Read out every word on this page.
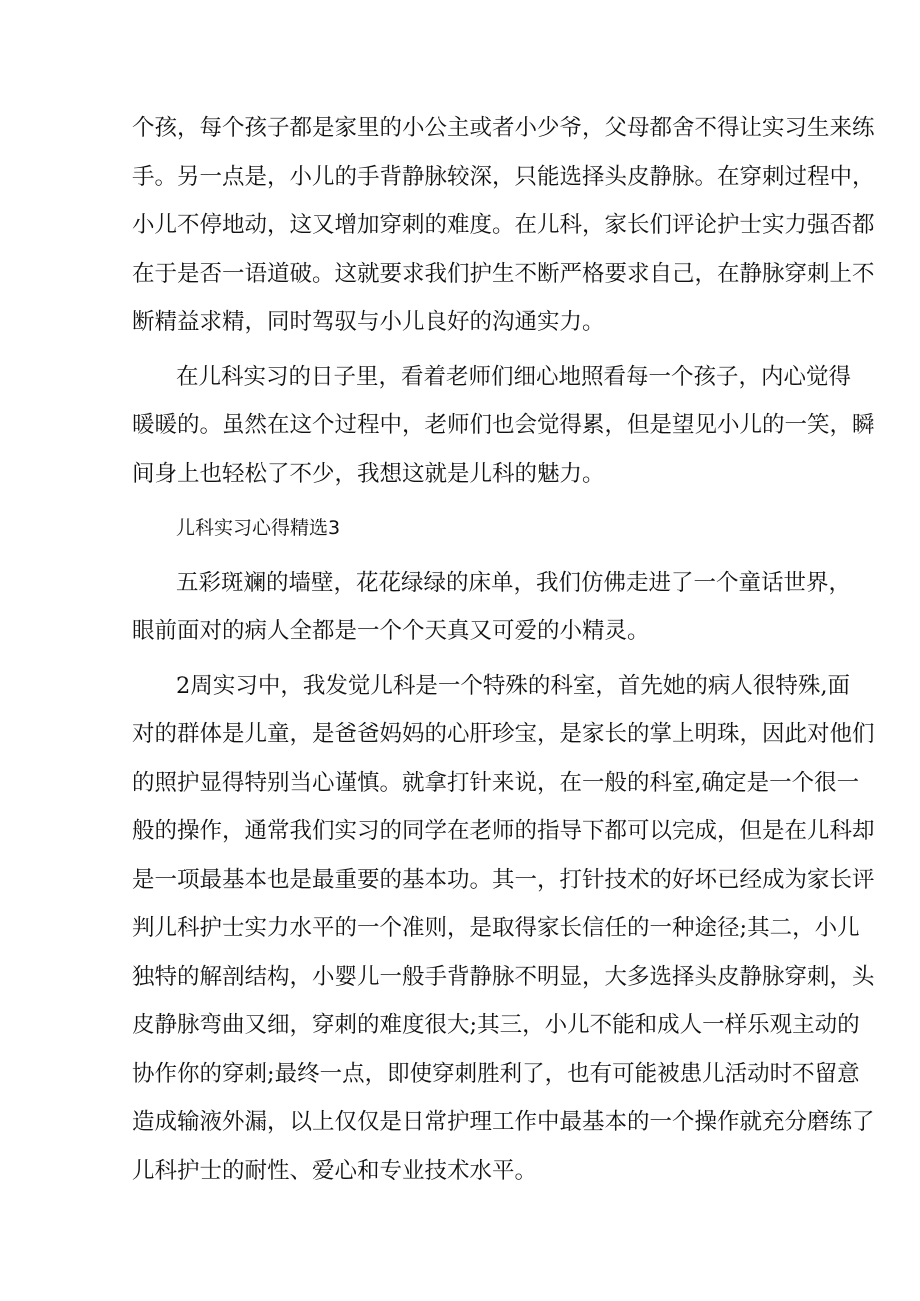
个孩，每个孩子都是家里的小公主或者小少爷，父母都舍不得让实习生来练
手。另一点是，小儿的手背静脉较深，只能选择头皮静脉。在穿刺过程中，
小儿不停地动，这又增加穿刺的难度。在儿科，家长们评论护士实力强否都
在于是否一语道破。这就要求我们护生不断严格要求自己，在静脉穿刺上不
断精益求精，同时驾驭与小儿良好的沟通实力。
在儿科实习的日子里，看着老师们细心地照看每一个孩子，内心觉得
暖暖的。虽然在这个过程中，老师们也会觉得累，但是望见小儿的一笑，瞬
间身上也轻松了不少，我想这就是儿科的魅力。
儿科实习心得精选3
五彩斑斓的墙壁，花花绿绿的床单，我们仿佛走进了一个童话世界，
眼前面对的病人全都是一个个天真又可爱的小精灵。
2周实习中，我发觉儿科是一个特殊的科室，首先她的病人很特殊,面
对的群体是儿童，是爸爸妈妈的心肝珍宝，是家长的掌上明珠，因此对他们
的照护显得特别当心谨慎。就拿打针来说，在一般的科室,确定是一个很一
般的操作，通常我们实习的同学在老师的指导下都可以完成，但是在儿科却
是一项最基本也是最重要的基本功。其一，打针技术的好坏已经成为家长评
判儿科护士实力水平的一个准则，是取得家长信任的一种途径;其二，小儿
独特的解剖结构，小婴儿一般手背静脉不明显，大多选择头皮静脉穿刺，头
皮静脉弯曲又细，穿刺的难度很大;其三，小儿不能和成人一样乐观主动的
协作你的穿刺;最终一点，即使穿刺胜利了，也有可能被患儿活动时不留意
造成输液外漏，以上仅仅是日常护理工作中最基本的一个操作就充分磨练了
儿科护士的耐性、爱心和专业技术水平。
